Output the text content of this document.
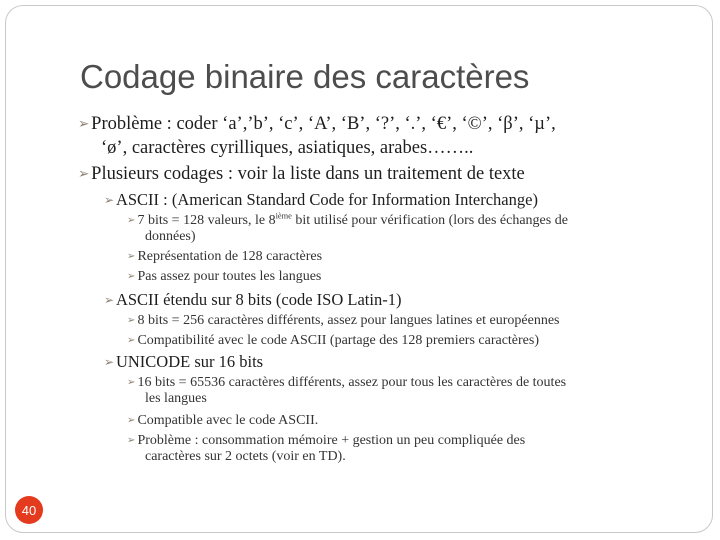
Codage binaire des caractères
➢ Problème : coder ‘a’,’b’, ‘c’, ‘A’, ‘B’, ‘?’, ‘.’, ‘€’, ‘©’, ‘β’, ‘µ’,
‘ø’, caractères cyrilliques, asiatiques, arabes……..
➢ Plusieurs codages : voir la liste dans un traitement de texte
➢ ASCII : (American Standard Code for Information Interchange)
➢ 7 bits = 128 valeurs, le 8ième bit utilisé pour vérification (lors des échanges de
données)
➢ Représentation de 128 caractères
➢ Pas assez pour toutes les langues
➢ ASCII étendu sur 8 bits (code ISO Latin-1)
➢ 8 bits = 256 caractères différents, assez pour langues latines et européennes
➢ Compatibilité avec le code ASCII (partage des 128 premiers caractères)
➢ UNICODE sur 16 bits
➢ 16 bits = 65536 caractères différents, assez pour tous les caractères de toutes
les langues
➢ Compatible avec le code ASCII.
➢ Problème : consommation mémoire + gestion un peu compliquée des
caractères sur 2 octets (voir en TD).
40
